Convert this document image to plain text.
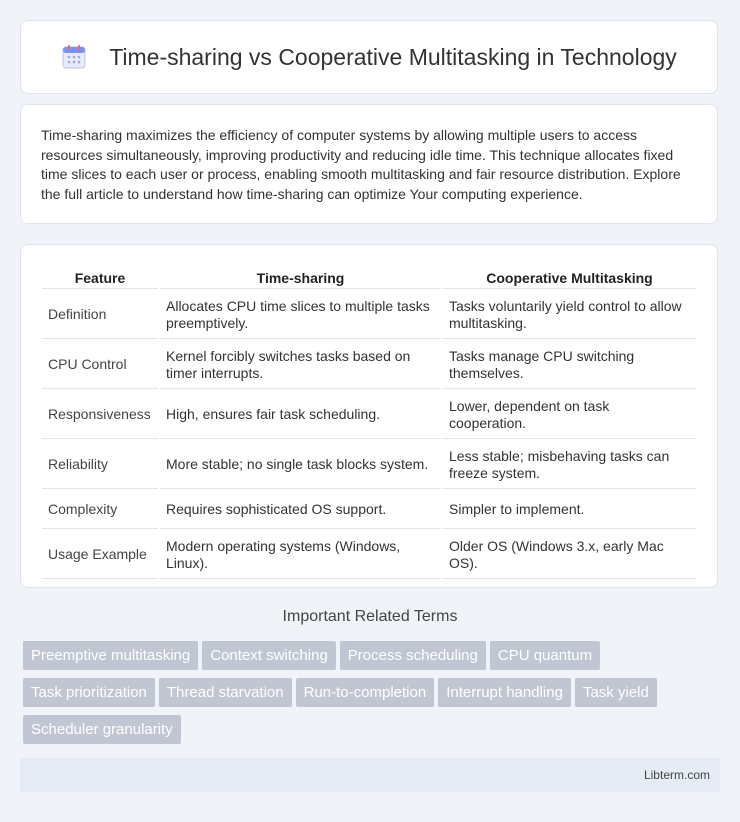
Time-sharing vs Cooperative Multitasking in Technology

Time-sharing maximizes the efficiency of computer systems by allowing multiple users to access resources simultaneously, improving productivity and reducing idle time. This technique allocates fixed time slices to each user or process, enabling smooth multitasking and fair resource distribution. Explore the full article to understand how time-sharing can optimize Your computing experience.

Feature	Time-sharing	Cooperative Multitasking
Definition	Allocates CPU time slices to multiple tasks preemptively.	Tasks voluntarily yield control to allow multitasking.
CPU Control	Kernel forcibly switches tasks based on timer interrupts.	Tasks manage CPU switching themselves.
Responsiveness	High, ensures fair task scheduling.	Lower, dependent on task cooperation.
Reliability	More stable; no single task blocks system.	Less stable; misbehaving tasks can freeze system.
Complexity	Requires sophisticated OS support.	Simpler to implement.
Usage Example	Modern operating systems (Windows, Linux).	Older OS (Windows 3.x, early Mac OS).
Important Related Terms
Preemptive multitasking Context switching Process scheduling CPU quantum
Task prioritization Thread starvation Run-to-completion Interrupt handling Task yield
Scheduler granularity
Libterm.com
